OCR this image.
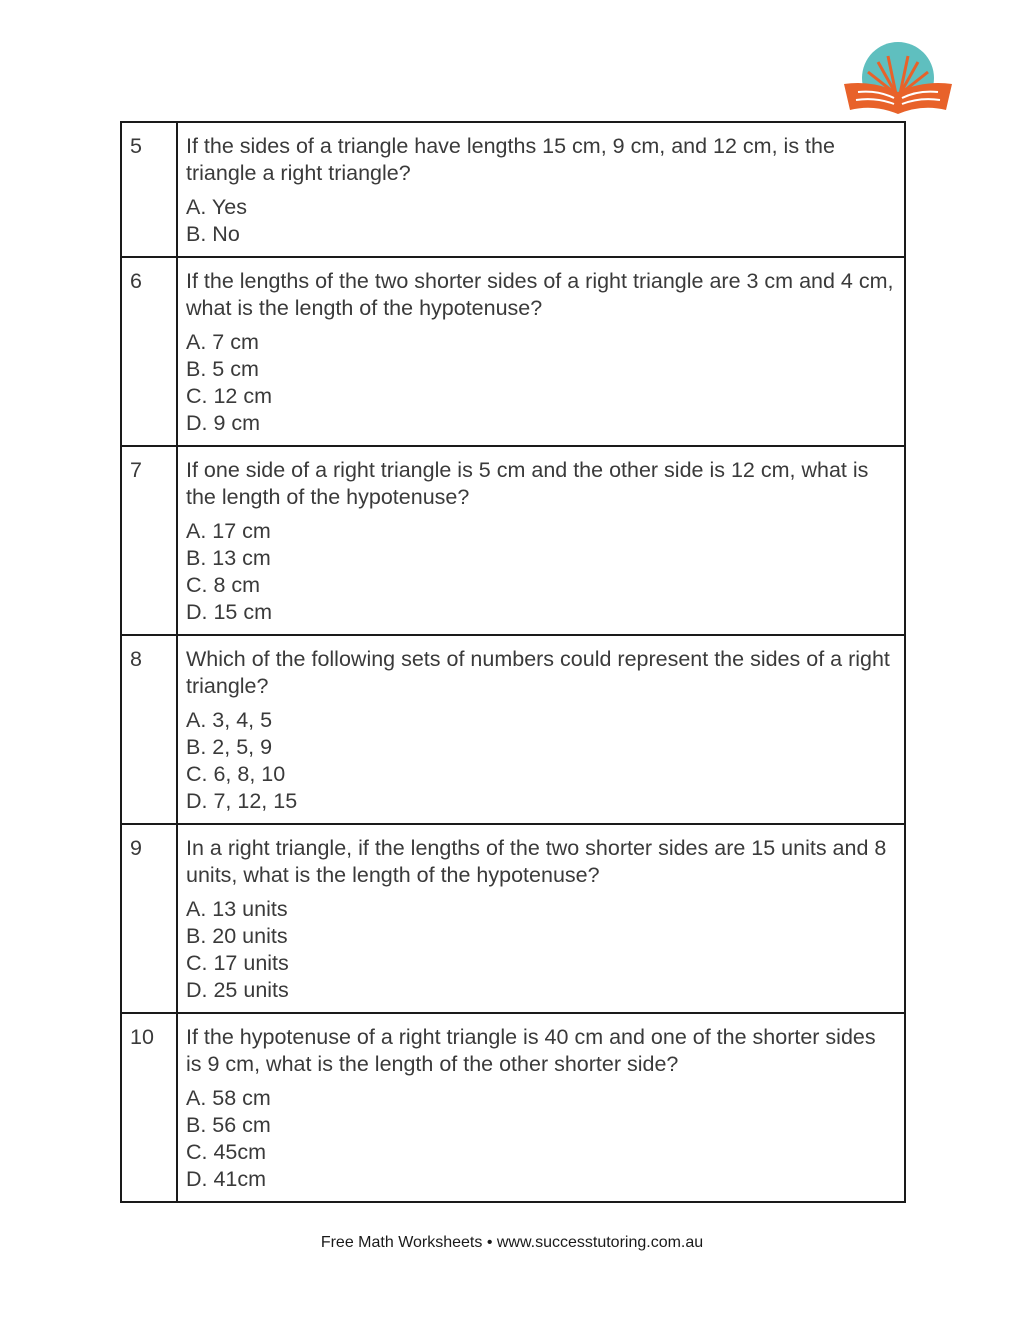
5	If the sides of a triangle have lengths 15 cm, 9 cm, and 12 cm, is the triangle a right triangle?
A. Yes
B. No

6	If the lengths of the two shorter sides of a right triangle are 3 cm and 4 cm, what is the length of the hypotenuse?
A. 7 cm
B. 5 cm
C. 12 cm
D. 9 cm

7	If one side of a right triangle is 5 cm and the other side is 12 cm, what is the length of the hypotenuse?
A. 17 cm
B. 13 cm
C. 8 cm
D. 15 cm

8	Which of the following sets of numbers could represent the sides of a right triangle?
A. 3, 4, 5
B. 2, 5, 9
C. 6, 8, 10
D. 7, 12, 15

9	In a right triangle, if the lengths of the two shorter sides are 15 units and 8 units, what is the length of the hypotenuse?
A. 13 units
B. 20 units
C. 17 units
D. 25 units

10	If the hypotenuse of a right triangle is 40 cm and one of the shorter sides is 9 cm, what is the length of the other shorter side?
A. 58 cm
B. 56 cm
C. 45cm
D. 41cm
Free Math Worksheets • www.successtutoring.com.au
